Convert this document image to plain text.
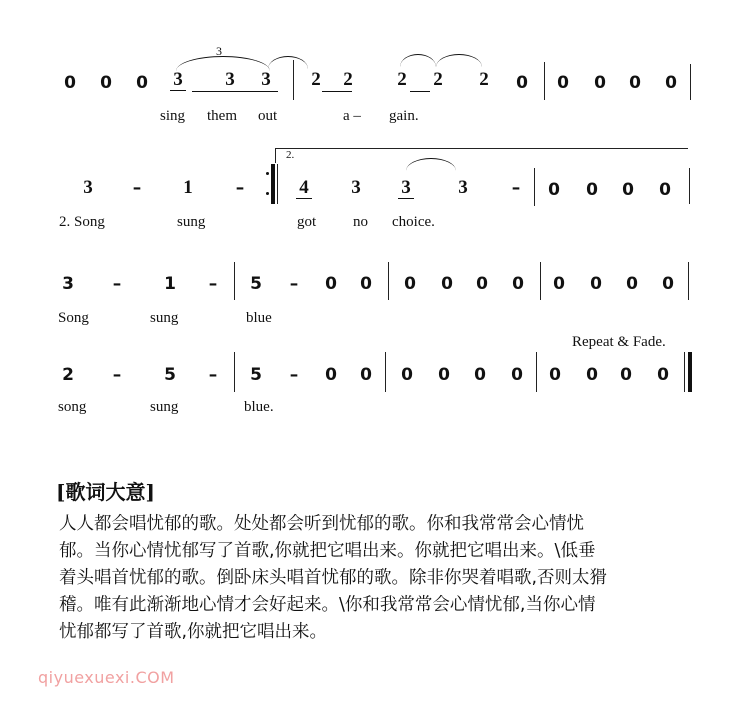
3
0 0 0 3 3 3 2 2 2 2 2 0 0 0 0 0
sing them out	a – gain.
2.
3 – 1	–	4 3 3	3	– 0 0 0 0
2. Song	sung	got no choice.
3 –	1 – 5 – 0 0 0 0 0 0 0 0 0 0
Song	sung	blue
Repeat & Fade.
2 –	5 – 5 – 0 0 0 0 0 0 0 0 0 0
song	sung	blue.
[歌词大意]
人人都会唱忧郁的歌。处处都会听到忧郁的歌。你和我常常会心情忧
郁。当你心情忧郁写了首歌,你就把它唱出来。你就把它唱出来。\低垂
着头唱首忧郁的歌。倒卧床头唱首忧郁的歌。除非你哭着唱歌,否则太猾
稽。唯有此渐渐地心情才会好起来。\你和我常常会心情忧郁,当你心情
忧郁都写了首歌,你就把它唱出来。
qiyuexuexi.COM
